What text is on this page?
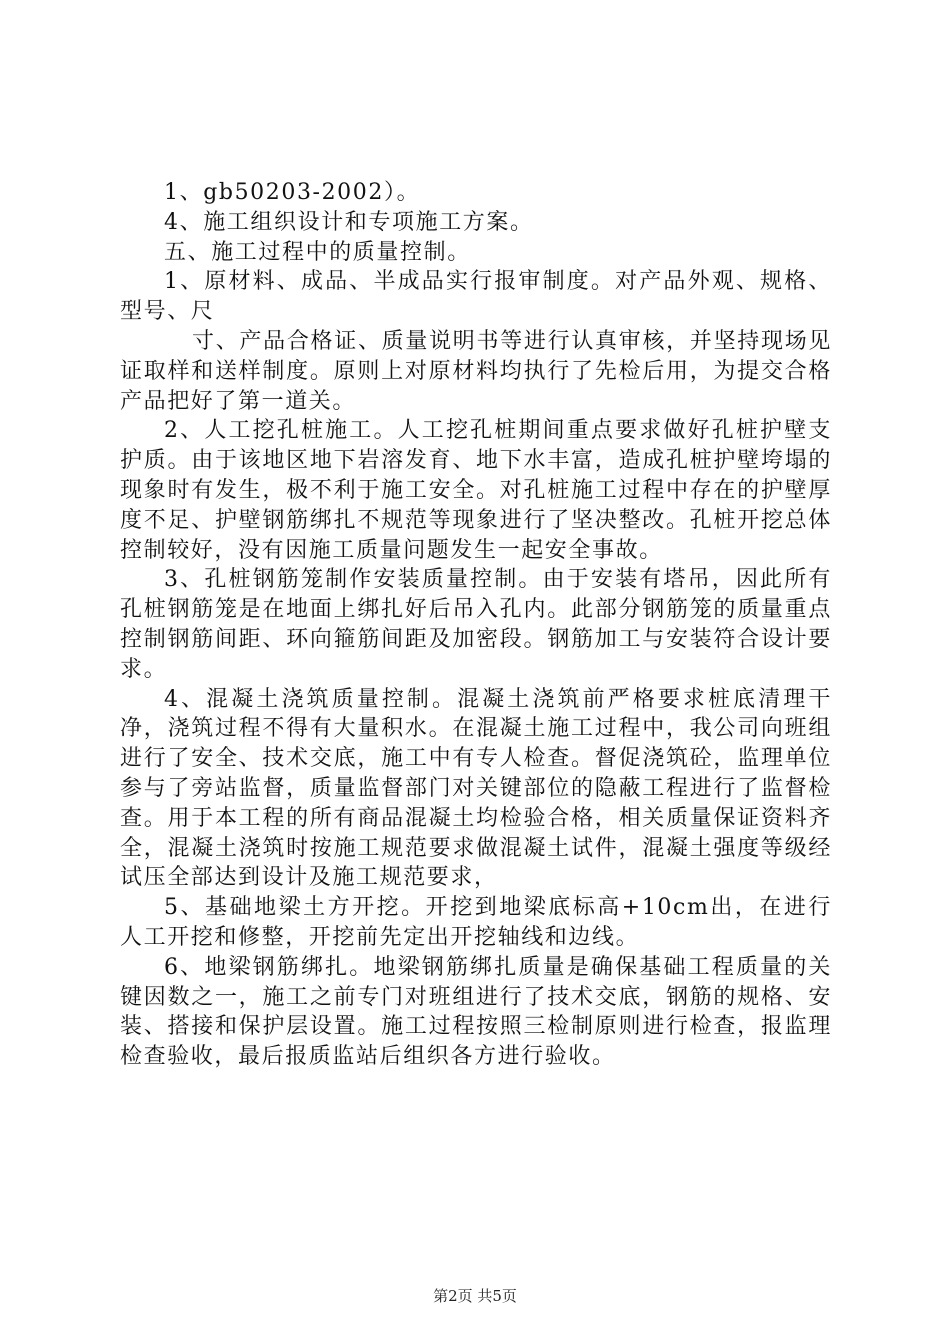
1、gb50203-2002）。

4、施工组织设计和专项施工方案。

五、施工过程中的质量控制。

1、原材料、成品、半成品实行报审制度。对产品外观、规格、型号、尺

寸、产品合格证、质量说明书等进行认真审核，并坚持现场见证取样和送样制度。原则上对原材料均执行了先检后用，为提交合格产品把好了第一道关。

2、人工挖孔桩施工。人工挖孔桩期间重点要求做好孔桩护壁支护质。由于该地区地下岩溶发育、地下水丰富，造成孔桩护壁垮塌的现象时有发生，极不利于施工安全。对孔桩施工过程中存在的护壁厚度不足、护壁钢筋绑扎不规范等现象进行了坚决整改。孔桩开挖总体控制较好，没有因施工质量问题发生一起安全事故。

3、孔桩钢筋笼制作安装质量控制。由于安装有塔吊，因此所有孔桩钢筋笼是在地面上绑扎好后吊入孔内。此部分钢筋笼的质量重点控制钢筋间距、环向箍筋间距及加密段。钢筋加工与安装符合设计要求。

4、混凝土浇筑质量控制。混凝土浇筑前严格要求桩底清理干净，浇筑过程不得有大量积水。在混凝土施工过程中，我公司向班组进行了安全、技术交底，施工中有专人检查。督促浇筑砼，监理单位参与了旁站监督，质量监督部门对关键部位的隐蔽工程进行了监督检查。用于本工程的所有商品混凝土均检验合格，相关质量保证资料齐全，混凝土浇筑时按施工规范要求做混凝土试件，混凝土强度等级经试压全部达到设计及施工规范要求，

5、基础地梁土方开挖。开挖到地梁底标高+10cm出，在进行人工开挖和修整，开挖前先定出开挖轴线和边线。

6、地梁钢筋绑扎。地梁钢筋绑扎质量是确保基础工程质量的关键因数之一，施工之前专门对班组进行了技术交底，钢筋的规格、安装、搭接和保护层设置。施工过程按照三检制原则进行检查，报监理检查验收，最后报质监站后组织各方进行验收。

第2页 共5页
